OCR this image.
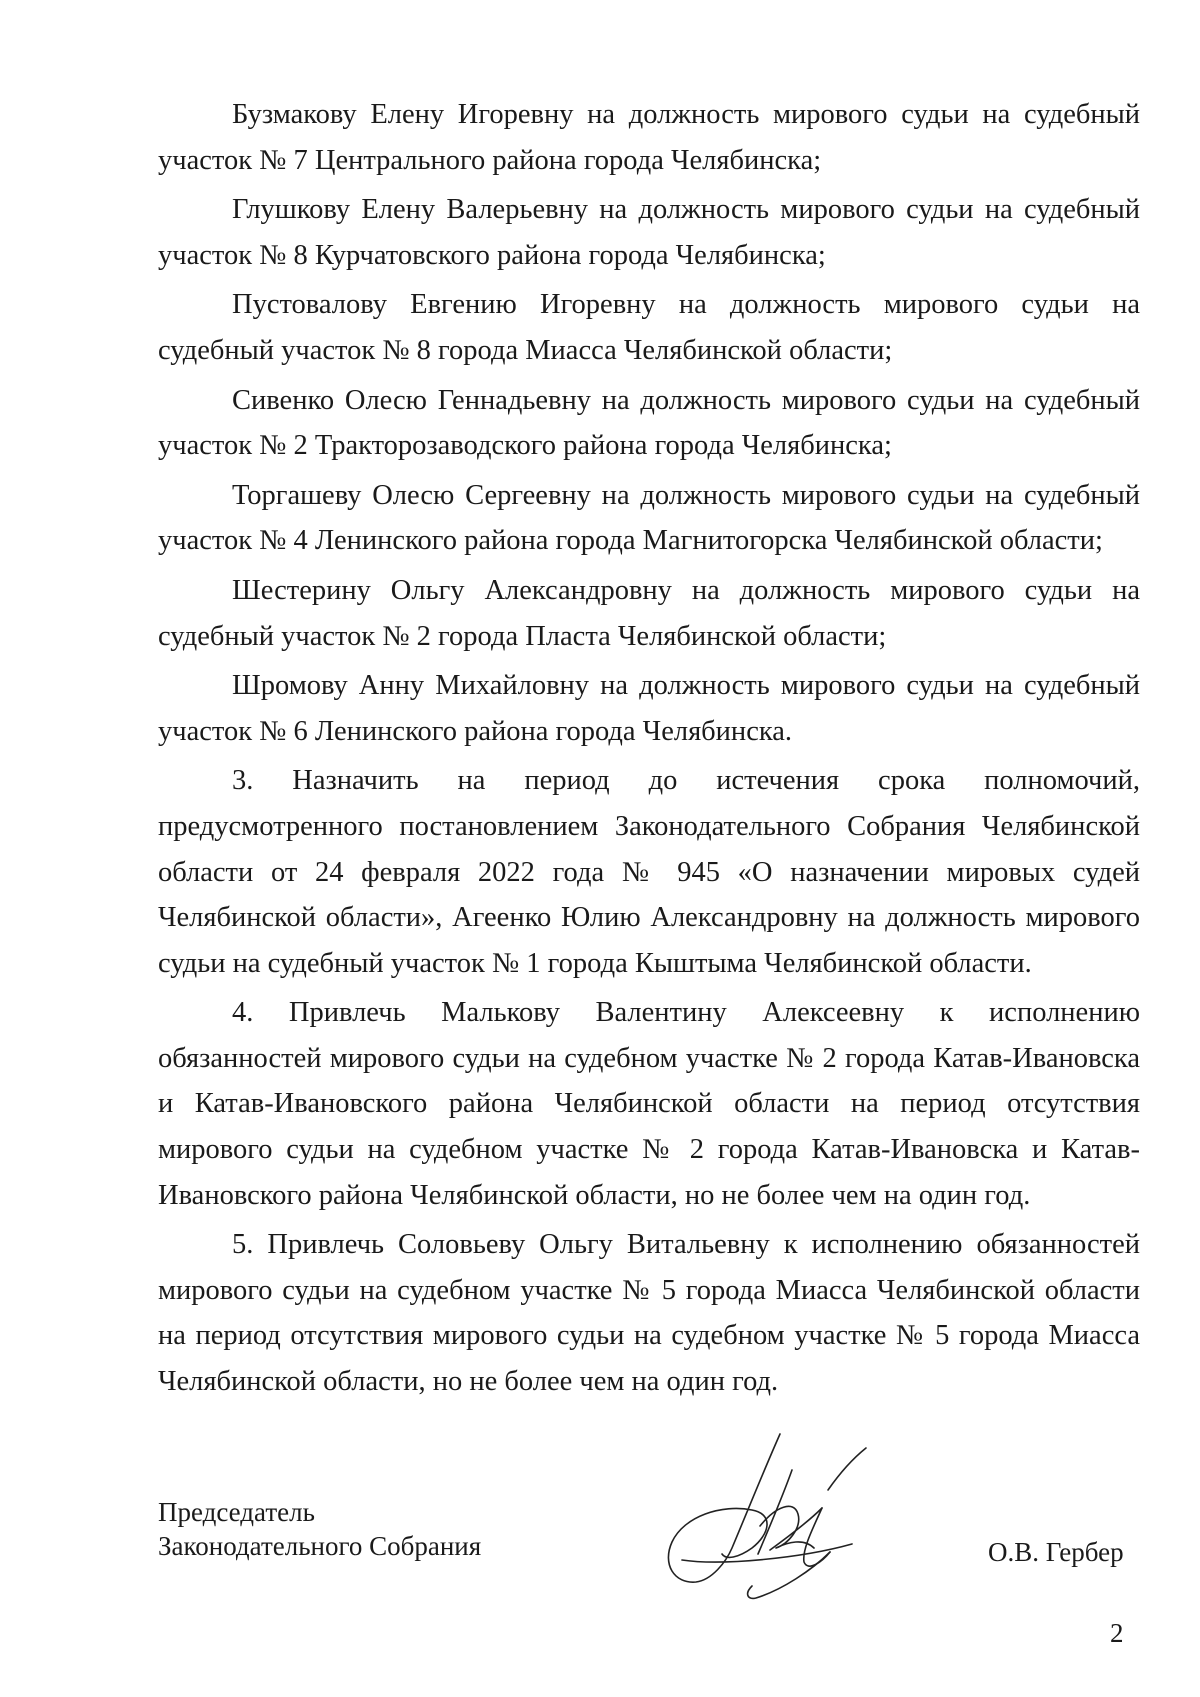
Бузмакову Елену Игоревну на должность мирового судьи на судебный участок № 7 Центрального района города Челябинска;

Глушкову Елену Валерьевну на должность мирового судьи на судебный участок № 8 Курчатовского района города Челябинска;

Пустовалову Евгению Игоревну на должность мирового судьи на судебный участок № 8 города Миасса Челябинской области;

Сивенко Олесю Геннадьевну на должность мирового судьи на судебный участок № 2 Тракторозаводского района города Челябинска;

Торгашеву Олесю Сергеевну на должность мирового судьи на судебный участок № 4 Ленинского района города Магнитогорска Челябинской области;

Шестерину Ольгу Александровну на должность мирового судьи на судебный участок № 2 города Пласта Челябинской области;

Шромову Анну Михайловну на должность мирового судьи на судебный участок № 6 Ленинского района города Челябинска.

3. Назначить на период до истечения срока полномочий, предусмотренного постановлением Законодательного Собрания Челябинской области от 24 февраля 2022 года № 945 «О назначении мировых судей Челябинской области», Агеенко Юлию Александровну на должность мирового судьи на судебный участок № 1 города Кыштыма Челябинской области.

4. Привлечь Малькову Валентину Алексеевну к исполнению обязанностей мирового судьи на судебном участке № 2 города Катав-Ивановска и Катав-Ивановского района Челябинской области на период отсутствия мирового судьи на судебном участке № 2 города Катав-Ивановска и Катав-Ивановского района Челябинской области, но не более чем на один год.

5. Привлечь Соловьеву Ольгу Витальевну к исполнению обязанностей мирового судьи на судебном участке № 5 города Миасса Челябинской области на период отсутствия мирового судьи на судебном участке № 5 города Миасса Челябинской области, но не более чем на один год.

Председатель
Законодательного Собрания	О.В. Гербер
2
